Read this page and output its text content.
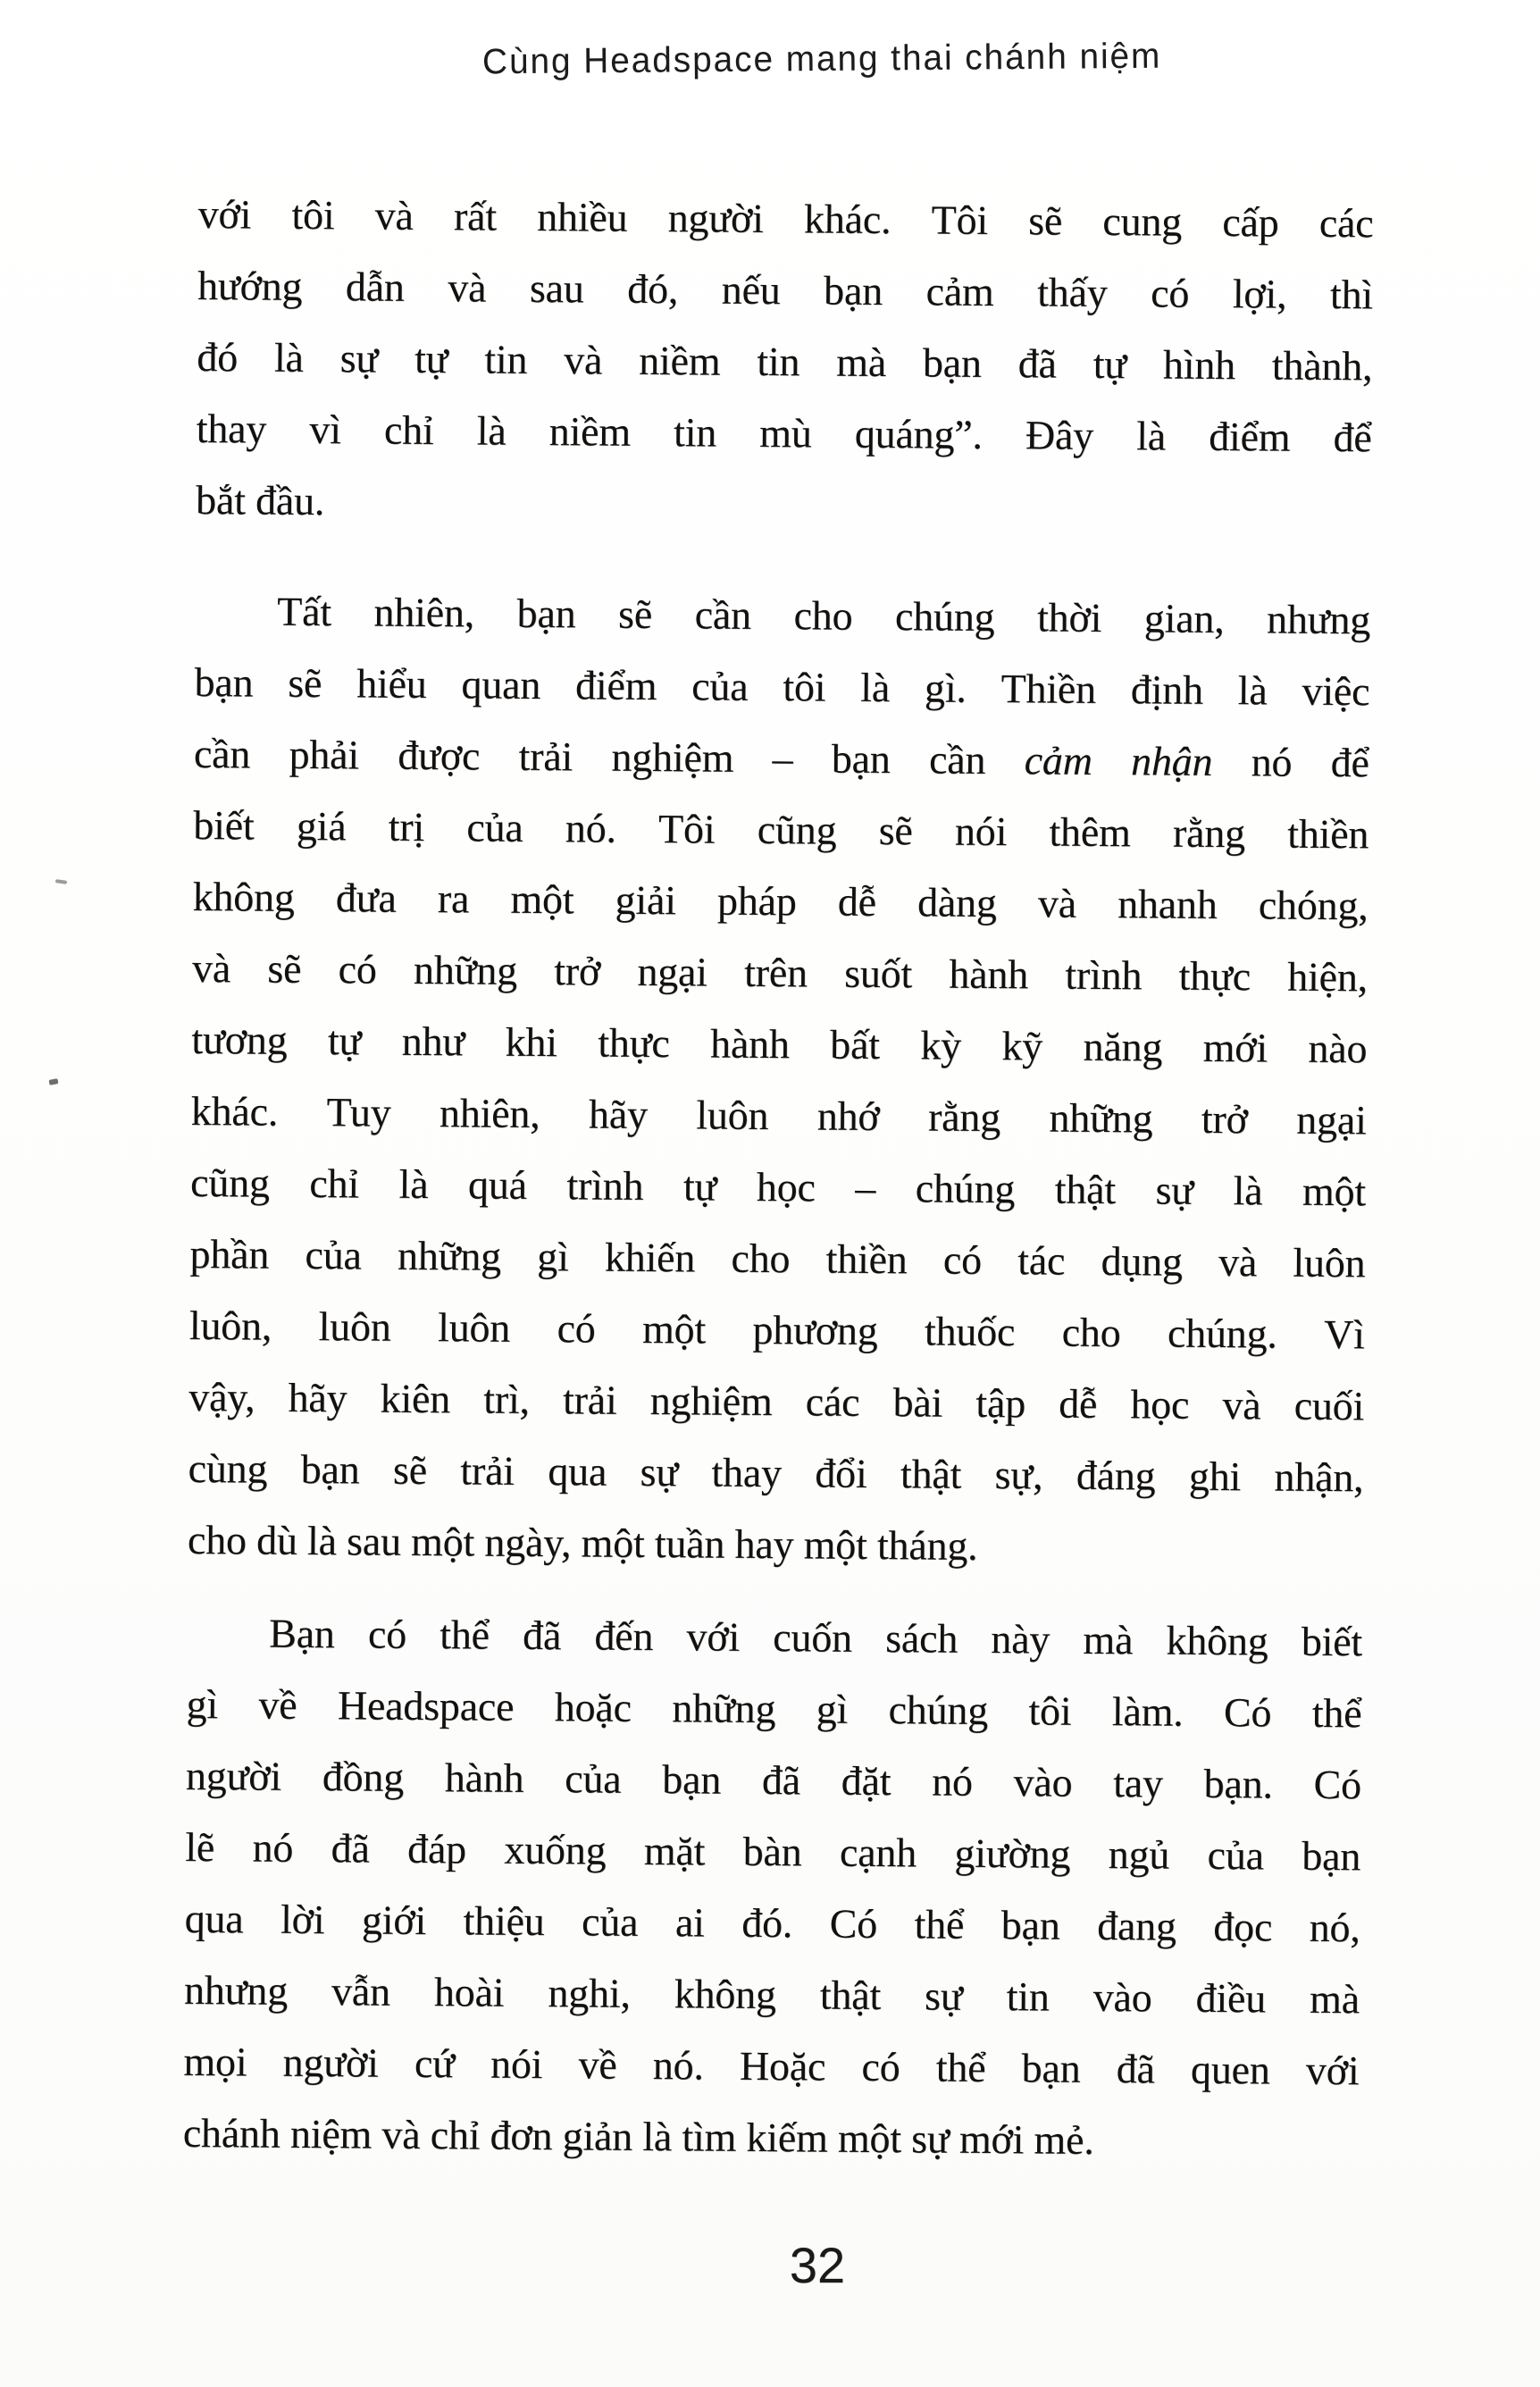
Cùng Headspace mang thai chánh niệm
với tôi và rất nhiều người khác. Tôi sẽ cung cấp các
hướng dẫn và sau đó, nếu bạn cảm thấy có lợi, thì
đó là sự tự tin và niềm tin mà bạn đã tự hình thành,
thay vì chỉ là niềm tin mù quáng”. Đây là điểm để
bắt đầu.
Tất nhiên, bạn sẽ cần cho chúng thời gian, nhưng
bạn sẽ hiểu quan điểm của tôi là gì. Thiền định là việc
cần phải được trải nghiệm – bạn cần cảm nhận nó để
biết giá trị của nó. Tôi cũng sẽ nói thêm rằng thiền
không đưa ra một giải pháp dễ dàng và nhanh chóng,
và sẽ có những trở ngại trên suốt hành trình thực hiện,
tương tự như khi thực hành bất kỳ kỹ năng mới nào
khác. Tuy nhiên, hãy luôn nhớ rằng những trở ngại
cũng chỉ là quá trình tự học – chúng thật sự là một
phần của những gì khiến cho thiền có tác dụng và luôn
luôn, luôn luôn có một phương thuốc cho chúng. Vì
vậy, hãy kiên trì, trải nghiệm các bài tập dễ học và cuối
cùng bạn sẽ trải qua sự thay đổi thật sự, đáng ghi nhận,
cho dù là sau một ngày, một tuần hay một tháng.
Bạn có thể đã đến với cuốn sách này mà không biết
gì về Headspace hoặc những gì chúng tôi làm. Có thể
người đồng hành của bạn đã đặt nó vào tay bạn. Có
lẽ nó đã đáp xuống mặt bàn cạnh giường ngủ của bạn
qua lời giới thiệu của ai đó. Có thể bạn đang đọc nó,
nhưng vẫn hoài nghi, không thật sự tin vào điều mà
mọi người cứ nói về nó. Hoặc có thể bạn đã quen với
chánh niệm và chỉ đơn giản là tìm kiếm một sự mới mẻ.
32
